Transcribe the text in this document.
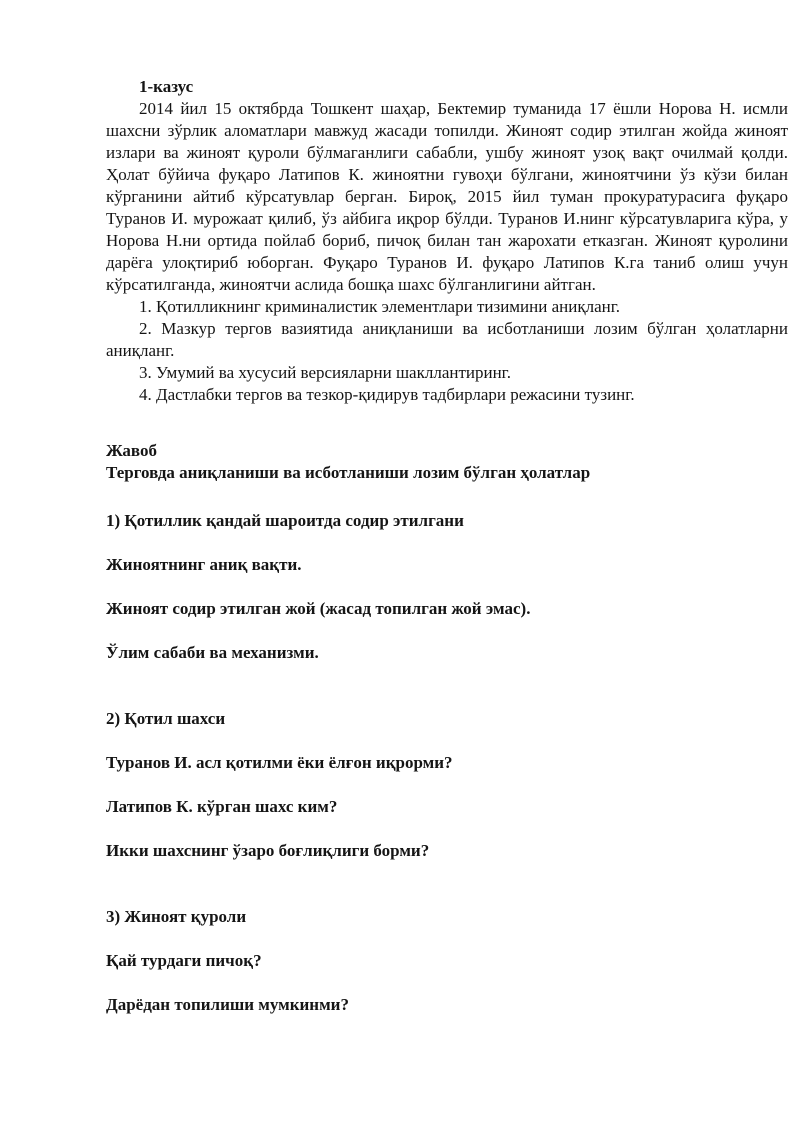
1-казус

2014 йил 15 октябрда Тошкент шаҳар, Бектемир туманида 17 ёшли Норова Н. исмли шахсни зўрлик аломатлари мавжуд жасади топилди. Жиноят содир этилган жойда жиноят излари ва жиноят қуроли бўлмаганлиги сабабли, ушбу жиноят узоқ вақт очилмай қолди. Ҳолат бўйича фуқаро Латипов К. жиноятни гувоҳи бўлгани, жиноятчини ўз кўзи билан кўрганини айтиб кўрсатувлар берган. Бироқ, 2015 йил туман прокуратурасига фуқаро Туранов И. мурожаат қилиб, ўз айбига иқрор бўлди. Туранов И.нинг кўрсатувларига кўра, у Норова Н.ни ортида пойлаб бориб, пичоқ билан тан жарохати етказган. Жиноят қуролини дарёга улоқтириб юборган. Фуқаро Туранов И. фуқаро Латипов К.га таниб олиш учун кўрсатилганда, жиноятчи аслида бошқа шахс бўлганлигини айтган.

1. Қотилликнинг криминалистик элементлари тизимини аниқланг.

2. Мазкур тергов вазиятида аниқланиши ва исботланиши лозим бўлган ҳолатларни аниқланг.

3. Умумий ва хусусий версияларни шакллантиринг.

4. Дастлабки тергов ва тезкор-қидирув тадбирлари режасини тузинг.

Жавоб

Терговда аниқланиши ва исботланиши лозим бўлган ҳолатлар

1) Қотиллик қандай шароитда содир этилгани

Жиноятнинг аниқ вақти.

Жиноят содир этилган жой (жасад топилган жой эмас).

Ўлим сабаби ва механизми.

2) Қотил шахси

Туранов И. асл қотилми ёки ёлғон иқрорми?

Латипов К. кўрган шахс ким?

Икки шахснинг ўзаро боғлиқлиги борми?

3) Жиноят қуроли

Қай турдаги пичоқ?

Дарёдан топилиши мумкинми?
